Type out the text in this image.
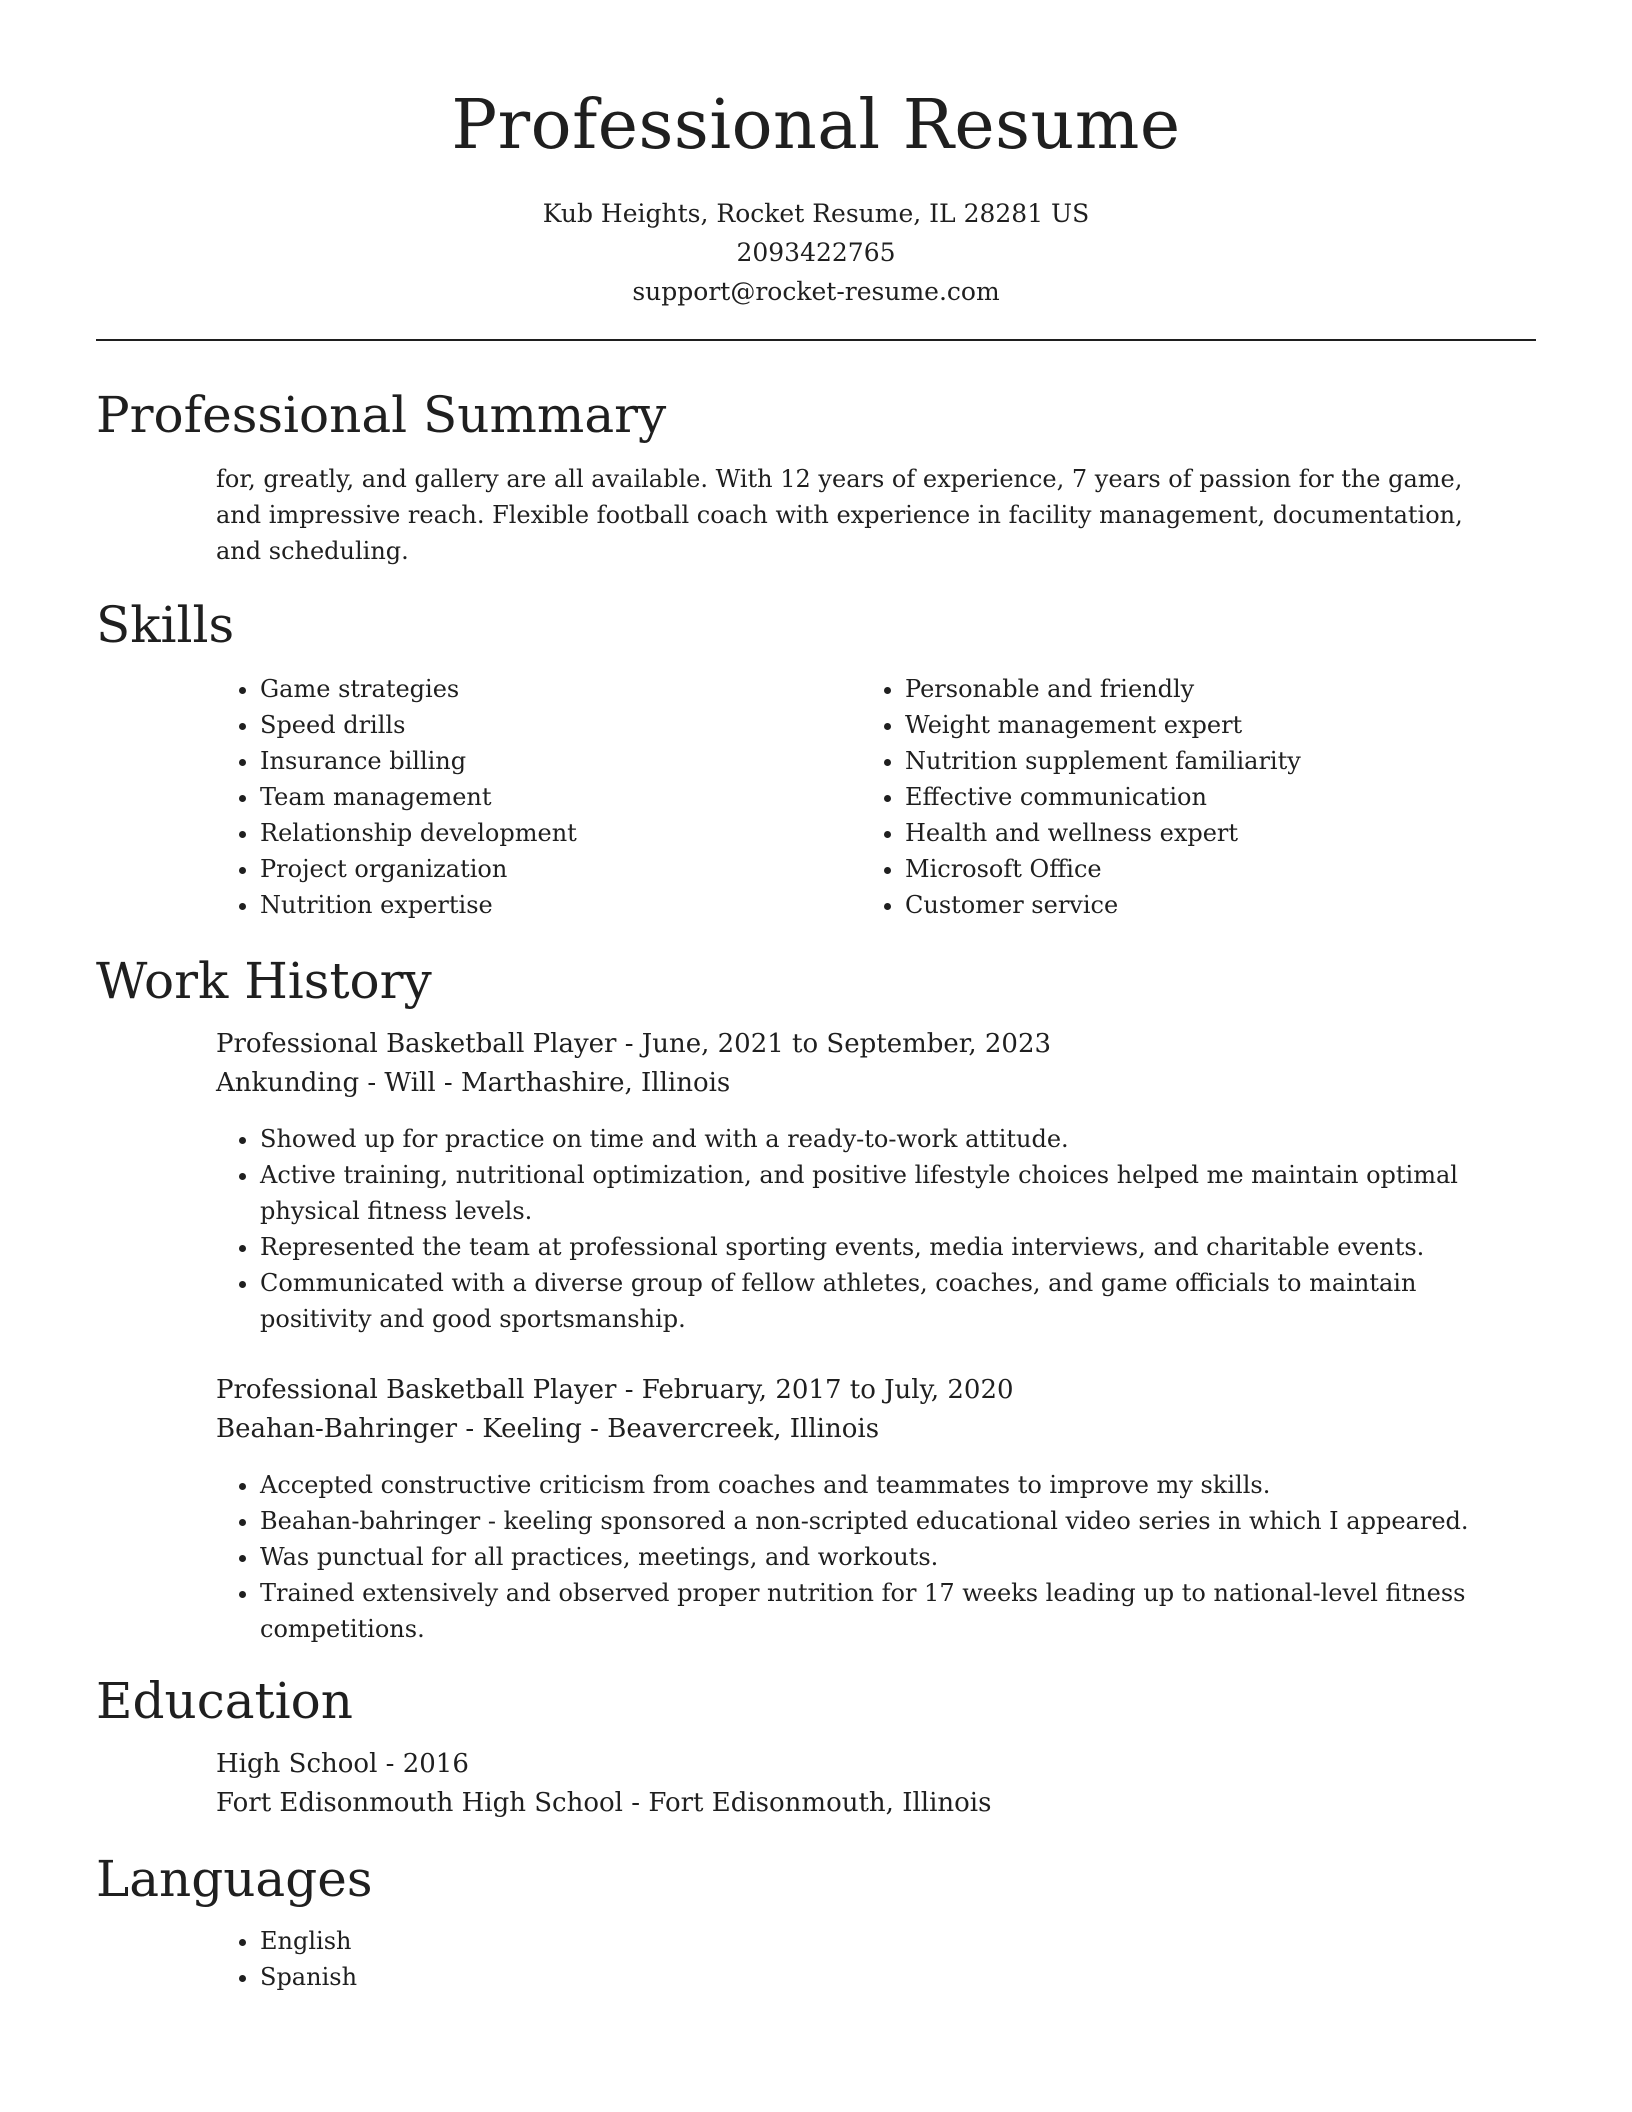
Professional Resume
Kub Heights, Rocket Resume, IL 28281 US
2093422765
support@rocket-resume.com
Professional Summary

for, greatly, and gallery are all available. With 12 years of experience, 7 years of passion for the game, and impressive reach. Flexible football coach with experience in facility management, documentation, and scheduling.

Skills
• Game strategies
• Speed drills
• Insurance billing
• Team management
• Relationship development
• Project organization
• Nutrition expertise
• Personable and friendly
• Weight management expert
• Nutrition supplement familiarity
• Effective communication
• Health and wellness expert
• Microsoft Office
• Customer service
Work History
Professional Basketball Player - June, 2021 to September, 2023
Ankunding - Will - Marthashire, Illinois
• Showed up for practice on time and with a ready-to-work attitude.
• Active training, nutritional optimization, and positive lifestyle choices helped me maintain optimal physical fitness levels.
• Represented the team at professional sporting events, media interviews, and charitable events.
• Communicated with a diverse group of fellow athletes, coaches, and game officials to maintain positivity and good sportsmanship.
Professional Basketball Player - February, 2017 to July, 2020
Beahan-Bahringer - Keeling - Beavercreek, Illinois
• Accepted constructive criticism from coaches and teammates to improve my skills.
• Beahan-bahringer - keeling sponsored a non-scripted educational video series in which I appeared.
• Was punctual for all practices, meetings, and workouts.
• Trained extensively and observed proper nutrition for 17 weeks leading up to national-level fitness competitions.
Education
High School - 2016
Fort Edisonmouth High School - Fort Edisonmouth, Illinois
Languages
• English
• Spanish
